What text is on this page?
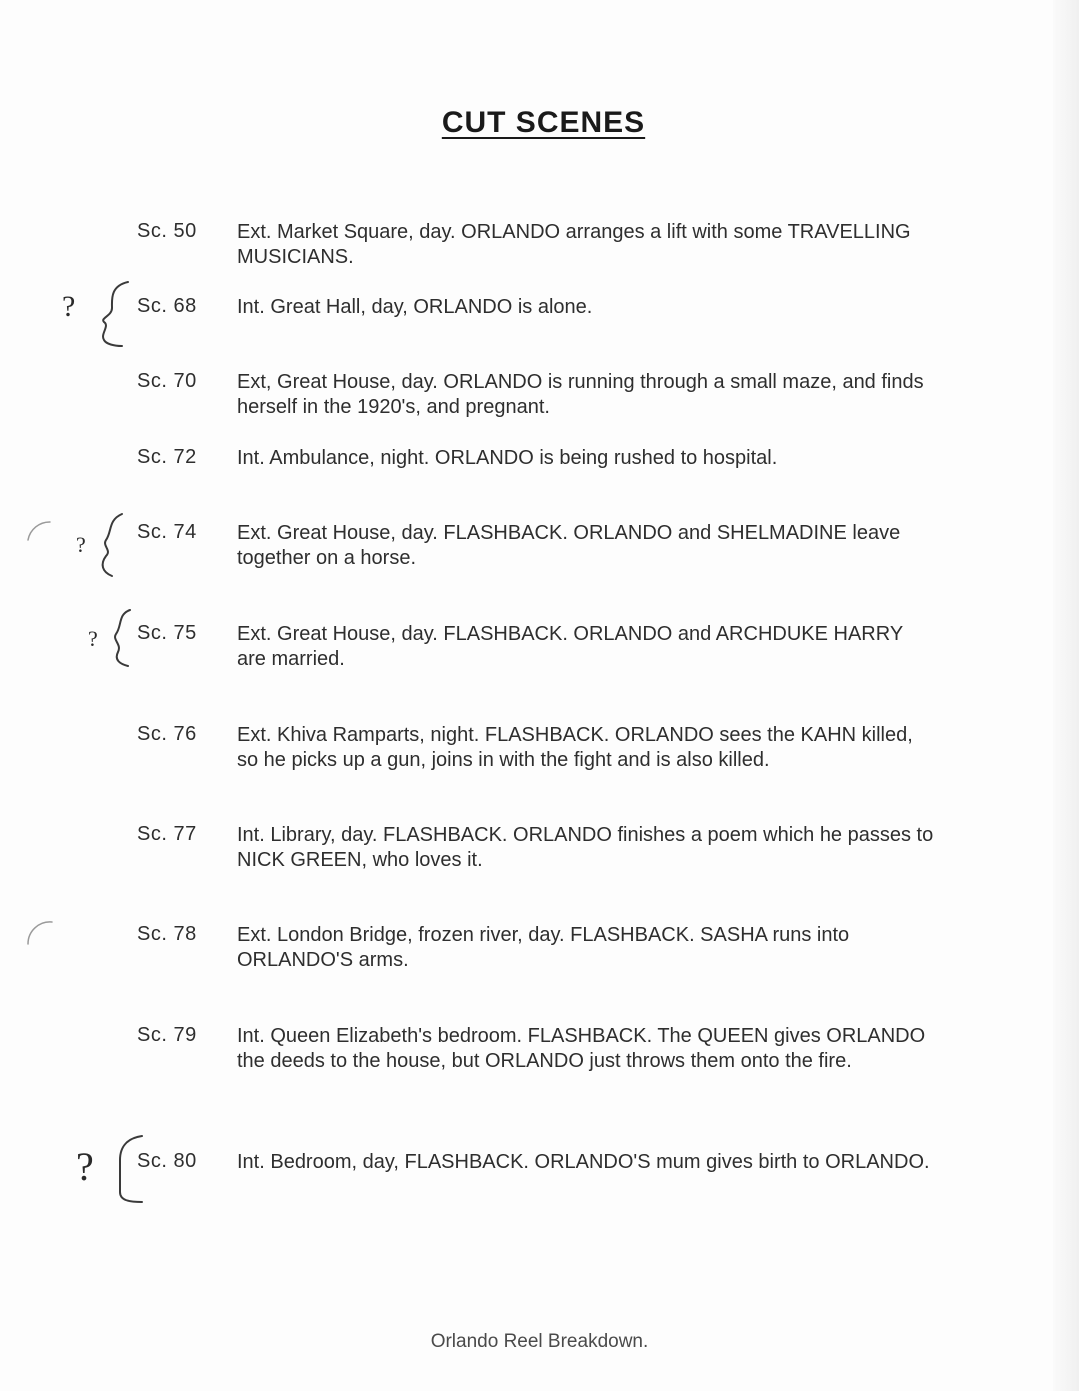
CUT SCENES
Sc. 50 Ext. Market Square, day. ORLANDO arranges a lift with some TRAVELLING MUSICIANS.
Sc. 68 Int. Great Hall, day, ORLANDO is alone.
Sc. 70 Ext, Great House, day. ORLANDO is running through a small maze, and finds herself in the 1920's, and pregnant.
Sc. 72 Int. Ambulance, night. ORLANDO is being rushed to hospital.
Sc. 74 Ext. Great House, day. FLASHBACK. ORLANDO and SHELMADINE leave together on a horse.
Sc. 75 Ext. Great House, day. FLASHBACK. ORLANDO and ARCHDUKE HARRY are married.
Sc. 76 Ext. Khiva Ramparts, night. FLASHBACK. ORLANDO sees the KAHN killed, so he picks up a gun, joins in with the fight and is also killed.
Sc. 77 Int. Library, day. FLASHBACK. ORLANDO finishes a poem which he passes to NICK GREEN, who loves it.
Sc. 78 Ext. London Bridge, frozen river, day. FLASHBACK. SASHA runs into ORLANDO'S arms.
Sc. 79 Int. Queen Elizabeth's bedroom. FLASHBACK. The QUEEN gives ORLANDO the deeds to the house, but ORLANDO just throws them onto the fire.
Sc. 80 Int. Bedroom, day, FLASHBACK. ORLANDO'S mum gives birth to ORLANDO.
Orlando Reel Breakdown.
?
?
?
?
